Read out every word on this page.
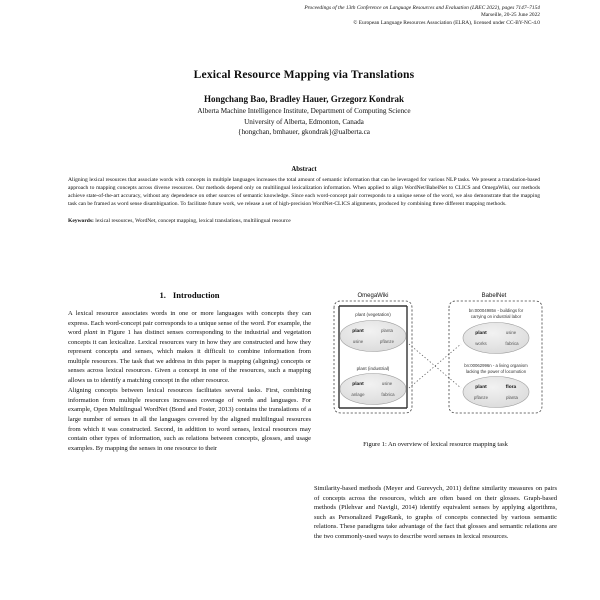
Proceedings of the 13th Conference on Language Resources and Evaluation (LREC 2022), pages 7147–7154
Marseille, 20-25 June 2022
© European Language Resources Association (ELRA), licensed under CC-BY-NC-4.0
Lexical Resource Mapping via Translations
Hongchang Bao, Bradley Hauer, Grzegorz Kondrak
Alberta Machine Intelligence Institute, Department of Computing Science
University of Alberta, Edmonton, Canada
{hongchan, bmhauer, gkondrak}@ualberta.ca
Abstract
Aligning lexical resources that associate words with concepts in multiple languages increases the total amount of semantic information that can be leveraged for various NLP tasks. We present a translation-based approach to mapping concepts across diverse resources. Our methods depend only on multilingual lexicalization information. When applied to align WordNet/BabelNet to CLICS and OmegaWiki, our methods achieve state-of-the-art accuracy, without any dependence on other sources of semantic knowledge. Since each word-concept pair corresponds to a unique sense of the word, we also demonstrate that the mapping task can be framed as word sense disambiguation. To facilitate future work, we release a set of high-precision WordNet-CLICS alignments, produced by combining three different mapping methods.
Keywords: lexical resources, WordNet, concept mapping, lexical translations, multilingual resource
1. Introduction

A lexical resource associates words in one or more languages with concepts they can express. Each word-concept pair corresponds to a unique sense of the word. For example, the word plant in Figure 1 has distinct senses corresponding to the industrial and vegetation concepts it can lexicalize. Lexical resources vary in how they are constructed and how they represent concepts and senses, which makes it difficult to combine information from multiple resources. The task that we address in this paper is mapping (aligning) concepts or senses across lexical resources. Given a concept in one of the resources, such a mapping allows us to identify a matching concept in the other resource.

Aligning concepts between lexical resources facilitates several tasks. First, combining information from multiple resources increases coverage of words and languages. For example, Open Multilingual WordNet (Bond and Foster, 2013) contains the translations of a large number of senses in all the languages covered by the aligned multilingual resources from which it was constructed. Second, in addition to word senses, lexical resources may contain other types of information, such as relations between concepts, glosses, and usage examples. By mapping the senses in one resource to their

OmegaWiki
plant (vegetation)
plant	planta
usine	pflanze
plant (industrial)
plant	usine
anlage	fabrica
BabelNet
bn:00004985n - buildings for
carrying on industrial labor
plant	usine
works	fabrica
bn:00062996n - a living organism
lacking the power of locomotion
plant	flora
pflanze	planta
Figure 1: An overview of lexical resource mapping task

Similarity-based methods (Meyer and Gurevych, 2011) define similarity measures on pairs of concepts across the resources, which are often based on their glosses. Graph-based methods (Pilehvar and Navigli, 2014) identify equivalent senses by applying algorithms, such as Personalized PageRank, to graphs of concepts connected by various semantic relations. These paradigms take advantage of the fact that glosses and semantic relations are the two commonly-used ways to describe word senses in lexical resources.
